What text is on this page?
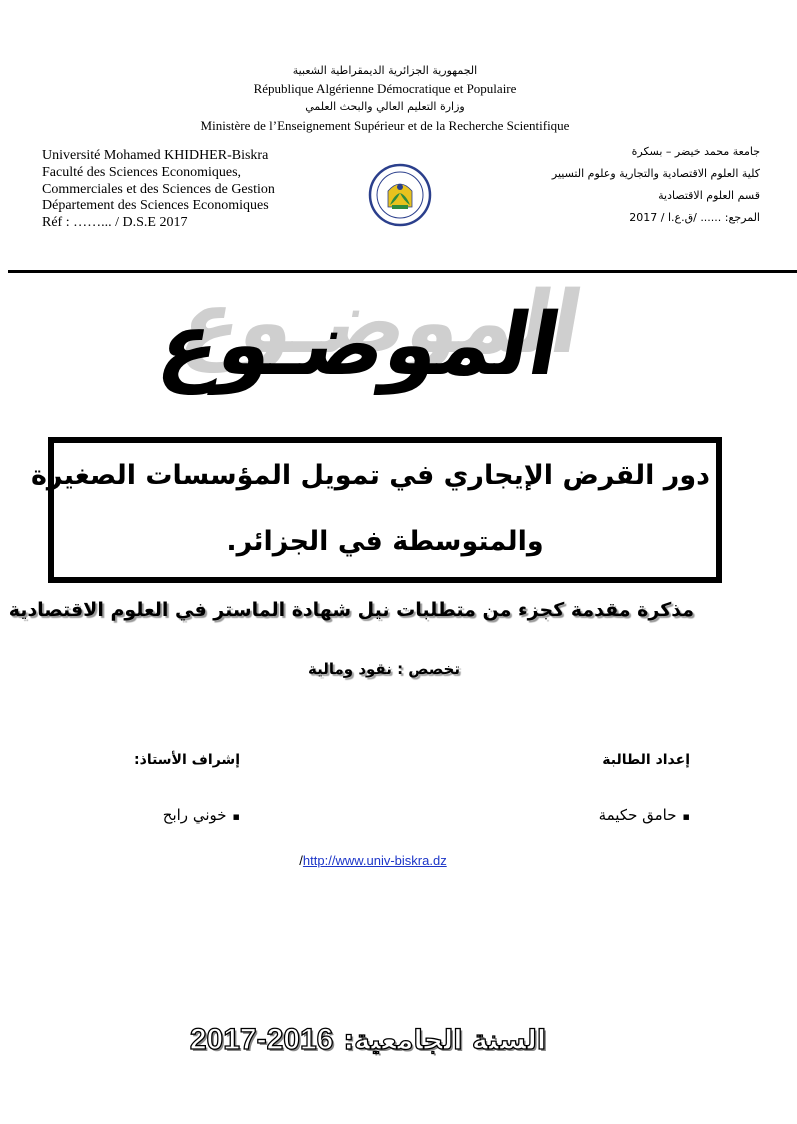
الجمهورية الجزائرية الديمقراطية الشعبية
République Algérienne Démocratique et Populaire
وزارة التعليم العالي والبحث العلمي
Ministère de l’Enseignement Supérieur et de la Recherche Scientifique
Université Mohamed KHIDHER-Biskra
Faculté des Sciences Economiques,
Commerciales et des Sciences de Gestion
Département des Sciences Economiques
Réf : ……... / D.S.E 2017
جامعة محمد خيضر – بسكرة
كلية العلوم الاقتصادية والتجارية وعلوم التسيير
قسم العلوم الاقتصادية
المرجع: ...... /ق.ع.ا / 2017
الموضـوع
دور القرض الإيجاري في تمويل المؤسسات الصغيرة
والمتوسطة في الجزائر.
مذكرة مقدمة كجزء من متطلبات نيل شهادة الماستر في العلوم الاقتصادية
تخصص : نقود ومالية
إعداد الطالبة
▪حامق حكيمة
إشراف الأستاذ:
▪خوني رابح
/http://www.univ-biskra.dz
2017-2016 السنة الجامعية:
